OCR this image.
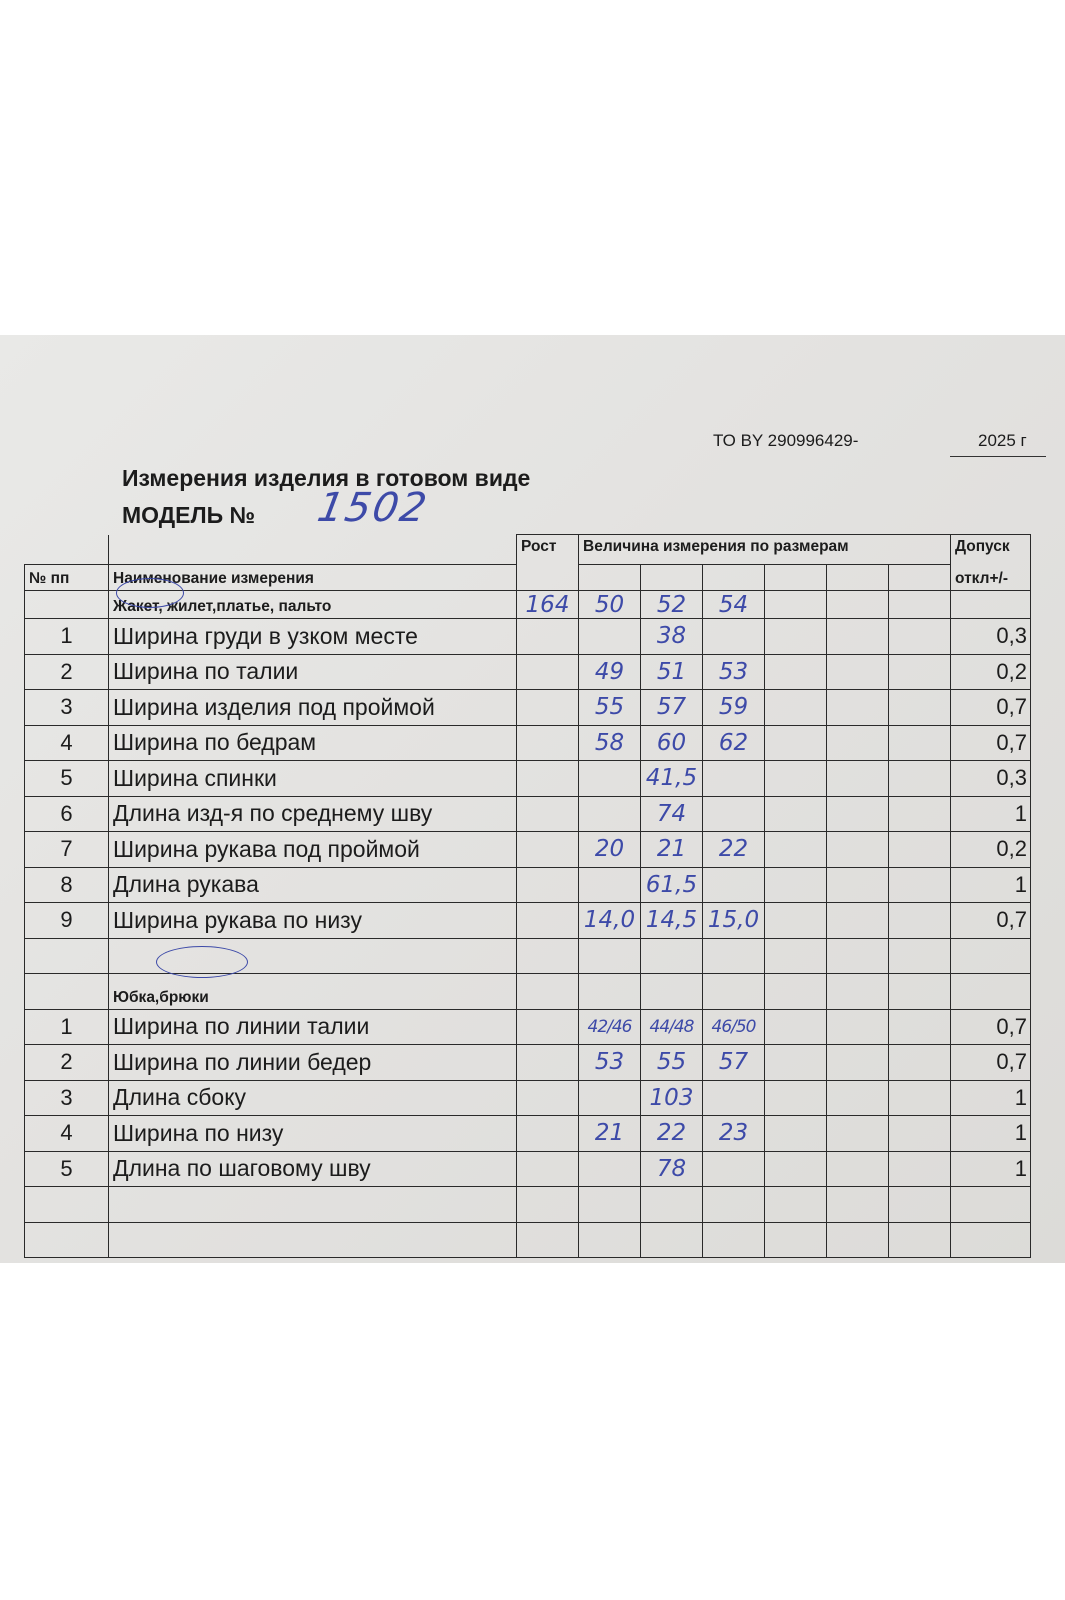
ТО BY 290996429-	2025 г
Измерения изделия в готовом виде
МОДЕЛЬ № 1502
		Рост	Величина измерения по размерам						Допуск
№ пп	Наименование измерения								откл+/-
	Жакет, жилет,платье, пальто	164	50	52	54				
1	Ширина груди в узком месте			38					0,3
2	Ширина по талии		49	51	53				0,2
3	Ширина изделия под проймой		55	57	59				0,7
4	Ширина по бедрам		58	60	62				0,7
5	Ширина спинки			41,5					0,3
6	Длина изд-я по среднему шву			74					1
7	Ширина рукава под проймой		20	21	22				0,2
8	Длина рукава			61,5					1
9	Ширина рукава по низу		14,0	14,5	15,0				0,7

	Юбка,брюки								
1	Ширина по линии талии		42/46	44/48	46/50				0,7
2	Ширина по линии бедер		53	55	57				0,7
3	Длина сбоку			103					1
4	Ширина по низу		21	22	23				1
5	Длина по шаговому шву			78					1
